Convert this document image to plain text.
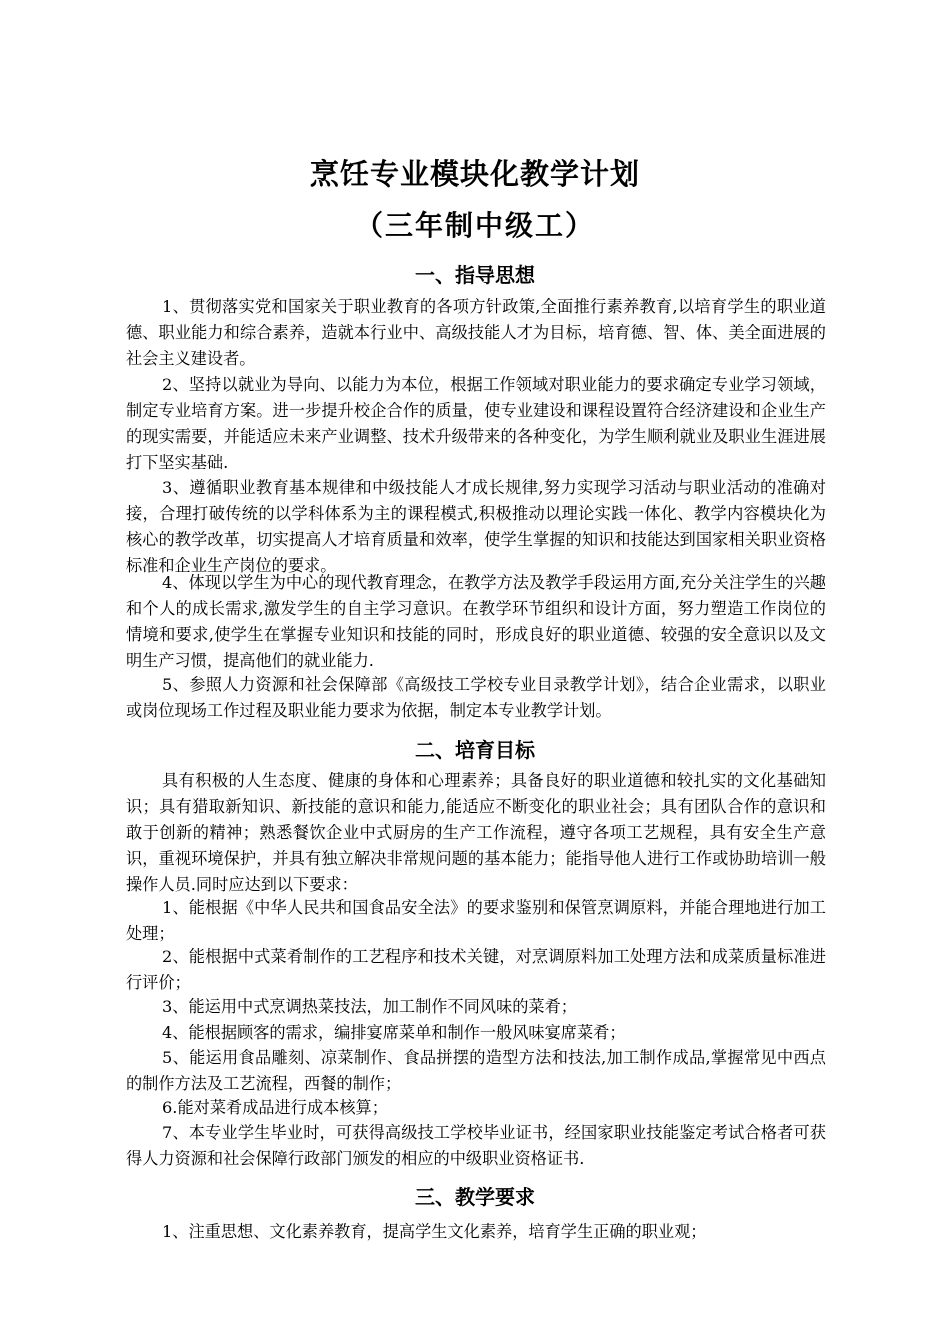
烹饪专业模块化教学计划
（三年制中级工）
一、指导思想

1、贯彻落实党和国家关于职业教育的各项方针政策,全面推行素养教育,以培育学生的职业道德、职业能力和综合素养，造就本行业中、高级技能人才为目标，培育德、智、体、美全面进展的社会主义建设者。

2、坚持以就业为导向、以能力为本位，根据工作领域对职业能力的要求确定专业学习领域，制定专业培育方案。进一步提升校企合作的质量，使专业建设和课程设置符合经济建设和企业生产的现实需要，并能适应未来产业调整、技术升级带来的各种变化，为学生顺利就业及职业生涯进展打下坚实基础.

3、遵循职业教育基本规律和中级技能人才成长规律,努力实现学习活动与职业活动的准确对接，合理打破传统的以学科体系为主的课程模式,积极推动以理论实践一体化、教学内容模块化为核心的教学改革，切实提高人才培育质量和效率，使学生掌握的知识和技能达到国家相关职业资格标准和企业生产岗位的要求。

4、体现以学生为中心的现代教育理念，在教学方法及教学手段运用方面,充分关注学生的兴趣和个人的成长需求,激发学生的自主学习意识。在教学环节组织和设计方面，努力塑造工作岗位的情境和要求,使学生在掌握专业知识和技能的同时，形成良好的职业道德、较强的安全意识以及文明生产习惯，提高他们的就业能力.

5、参照人力资源和社会保障部《高级技工学校专业目录教学计划》，结合企业需求，以职业或岗位现场工作过程及职业能力要求为依据，制定本专业教学计划。

二、培育目标

具有积极的人生态度、健康的身体和心理素养；具备良好的职业道德和较扎实的文化基础知识；具有猎取新知识、新技能的意识和能力,能适应不断变化的职业社会；具有团队合作的意识和敢于创新的精神；熟悉餐饮企业中式厨房的生产工作流程，遵守各项工艺规程，具有安全生产意识，重视环境保护，并具有独立解决非常规问题的基本能力；能指导他人进行工作或协助培训一般操作人员.同时应达到以下要求：

1、能根据《中华人民共和国食品安全法》的要求鉴别和保管烹调原料，并能合理地进行加工处理；

2、能根据中式菜肴制作的工艺程序和技术关键，对烹调原料加工处理方法和成菜质量标准进行评价；

3、能运用中式烹调热菜技法，加工制作不同风味的菜肴；

4、能根据顾客的需求，编排宴席菜单和制作一般风味宴席菜肴；

5、能运用食品雕刻、凉菜制作、食品拼摆的造型方法和技法,加工制作成品,掌握常见中西点的制作方法及工艺流程，西餐的制作；

6.能对菜肴成品进行成本核算；

7、本专业学生毕业时，可获得高级技工学校毕业证书，经国家职业技能鉴定考试合格者可获得人力资源和社会保障行政部门颁发的相应的中级职业资格证书.

三、教学要求

1、注重思想、文化素养教育，提高学生文化素养，培育学生正确的职业观；
